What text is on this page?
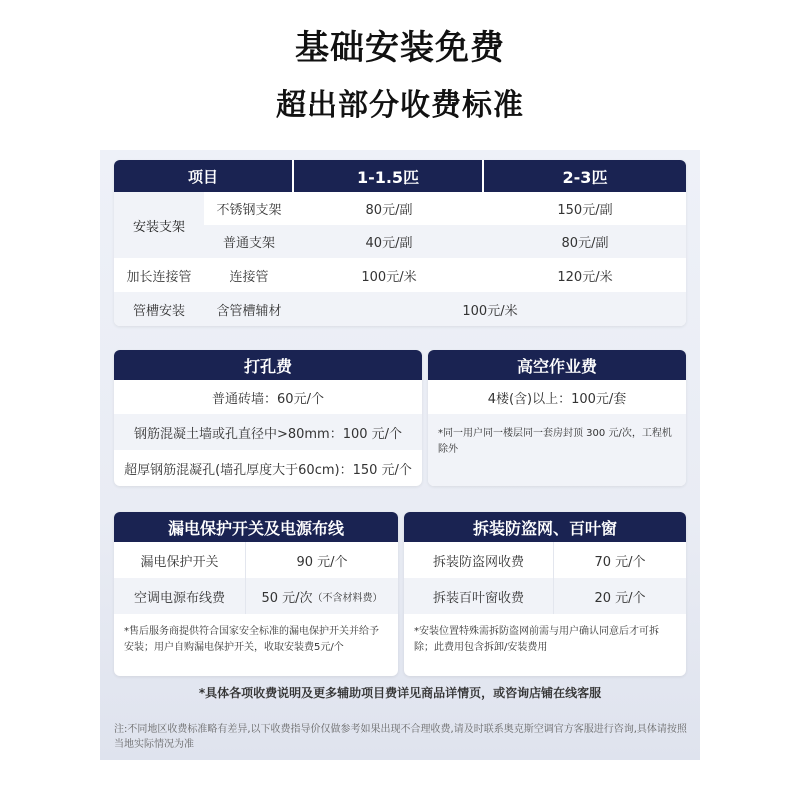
基础安装免费
超出部分收费标准
项目	1-1.5匹	2-3匹
安装支架
不锈钢支架	80元/副	150元/副
普通支架	40元/副	80元/副
加长连接管	连接管	100元/米	120元/米
管槽安装	含管槽辅材	100元/米
打孔费
普通砖墙：60元/个
钢筋混凝土墙或孔直径中>80mm：100 元/个
超厚钢筋混凝孔(墙孔厚度大于60cm)：150 元/个
高空作业费
4楼(含)以上：100元/套
*同一用户同一楼层同一套房封顶 300 元/次，工程机除外
漏电保护开关及电源布线
漏电保护开关	90 元/个
空调电源布线费	50 元/次 （不含材料费）
*售后服务商提供符合国家安全标准的漏电保护开关并给予安装；用户自购漏电保护开关，收取安装费5元/个
拆装防盗网、百叶窗
拆装防盗网收费	70 元/个
拆装百叶窗收费	20 元/个
*安装位置特殊需拆防盗网前需与用户确认同意后才可拆除；此费用包含拆卸/安装费用
*具体各项收费说明及更多辅助项目费详见商品详情页，或咨询店铺在线客服
注:不同地区收费标准略有差异,以下收费指导价仅做参考如果出现不合理收费,请及时联系奥克斯空调官方客服进行咨询,具体请按照当地实际情况为准
